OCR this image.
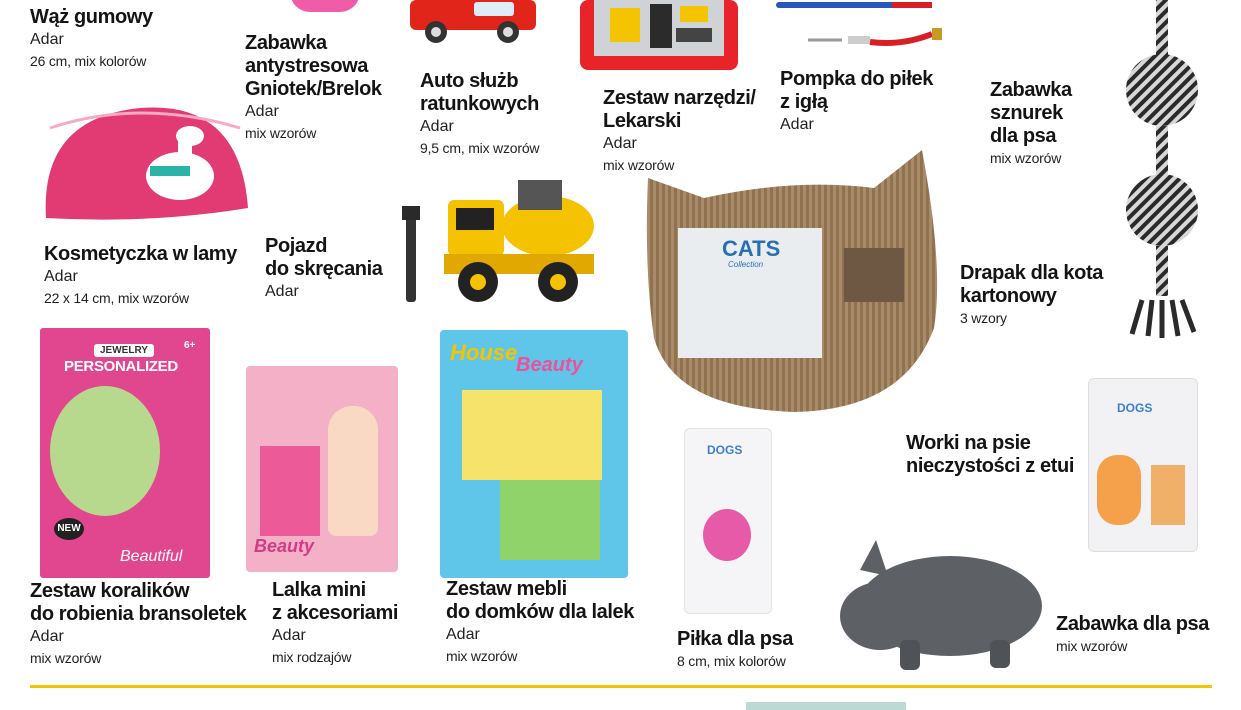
Wąż gumowy
Adar
26 cm, mix kolorów
Zabawka
antystresowa
Gniotek/Brelok
Adar
mix wzorów
Auto służb
ratunkowych
Adar
9,5 cm, mix wzorów
Zestaw narzędzi/
Lekarski
Adar
mix wzorów
Pompka do piłek
z igłą
Adar
Zabawka
sznurek
dla psa
mix wzorów
Kosmetyczka w lamy
Adar
22 x 14 cm, mix wzorów
Pojazd
do skręcania
Adar
CATS
Collection	Drapak dla kota
kartonowy
3 wzory
JEWELRY
PERSONALIZED
6+
NEW
Beautiful
Zestaw koralików
do robienia bransoletek
Adar
mix wzorów
Beauty
Lalka mini
z akcesoriami
Adar
mix rodzajów
House
Beauty
Zestaw mebli
do domków dla lalek
Adar
mix wzorów
DOGS
Piłka dla psa
8 cm, mix kolorów
Worki na psie
nieczystości z etui
DOGS
Zabawka dla psa
mix wzorów
